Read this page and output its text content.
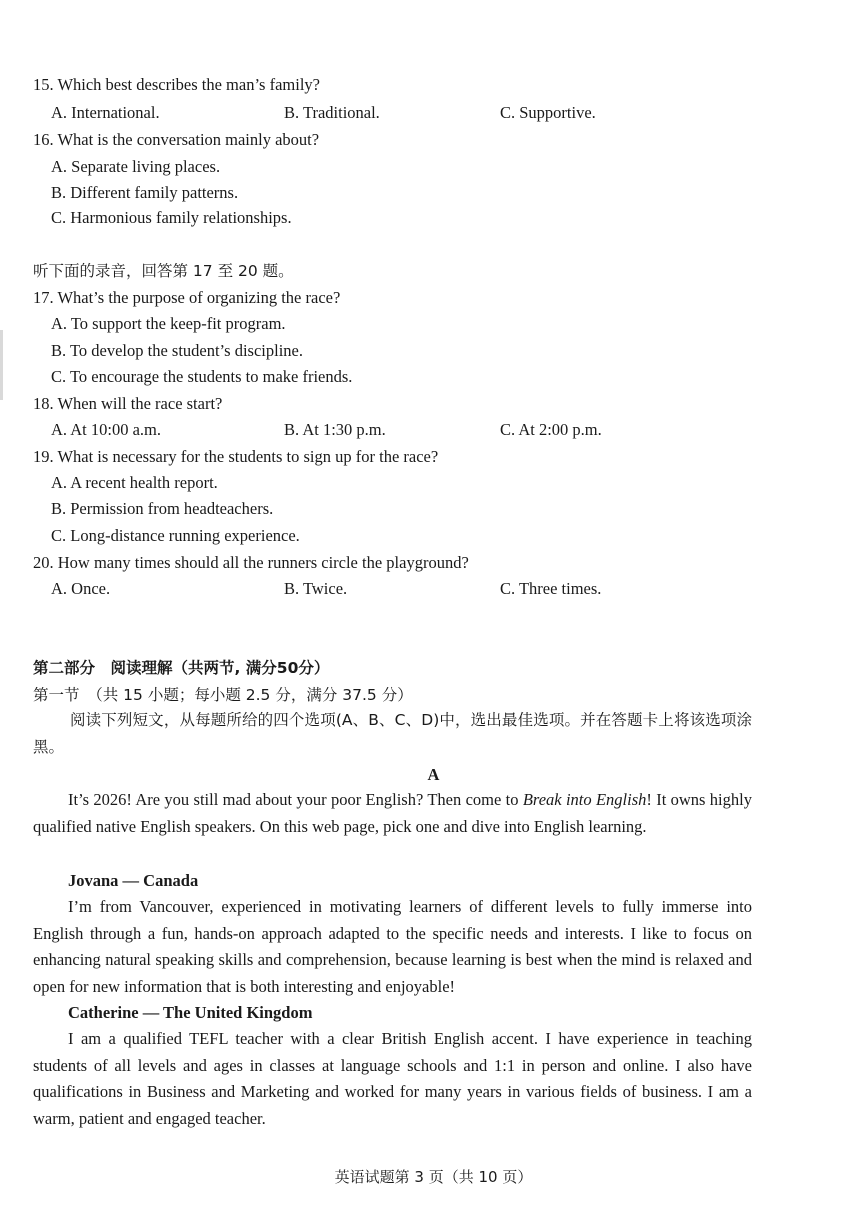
15. Which best describes the man’s family?
A. International.	B. Traditional.	C. Supportive.
16. What is the conversation mainly about?
A. Separate living places.
B. Different family patterns.
C. Harmonious family relationships.
听下面的录音，回答第 17 至 20 题。
17. What’s the purpose of organizing the race?
A. To support the keep-fit program.
B. To develop the student’s discipline.
C. To encourage the students to make friends.
18. When will the race start?
A. At 10:00 a.m.	B. At 1:30 p.m.	C. At 2:00 p.m.
19. What is necessary for the students to sign up for the race?
A. A recent health report.
B. Permission from headteachers.
C. Long-distance running experience.
20. How many times should all the runners circle the playground?
A. Once.	B. Twice.	C. Three times.
第二部分　阅读理解（共两节, 满分50分）
第一节　（共 15 小题；每小题 2.5 分，满分 37.5 分）
阅读下列短文，从每题所给的四个选项(A、B、C、D)中，选出最佳选项。并在答题卡上将该选项涂黑。
A
It’s 2026! Are you still mad about your poor English? Then come to Break into English! It owns highly qualified native English speakers. On this web page, pick one and dive into English learning.
Jovana — Canada
I’m from Vancouver, experienced in motivating learners of different levels to fully immerse into English through a fun, hands-on approach adapted to the specific needs and interests. I like to focus on enhancing natural speaking skills and comprehension, because learning is best when the mind is relaxed and open for new information that is both interesting and enjoyable!
Catherine — The United Kingdom
I am a qualified TEFL teacher with a clear British English accent. I have experience in teaching students of all levels and ages in classes at language schools and 1:1 in person and online. I also have qualifications in Business and Marketing and worked for many years in various fields of business. I am a warm, patient and engaged teacher.
英语试题第 3 页（共 10 页）
